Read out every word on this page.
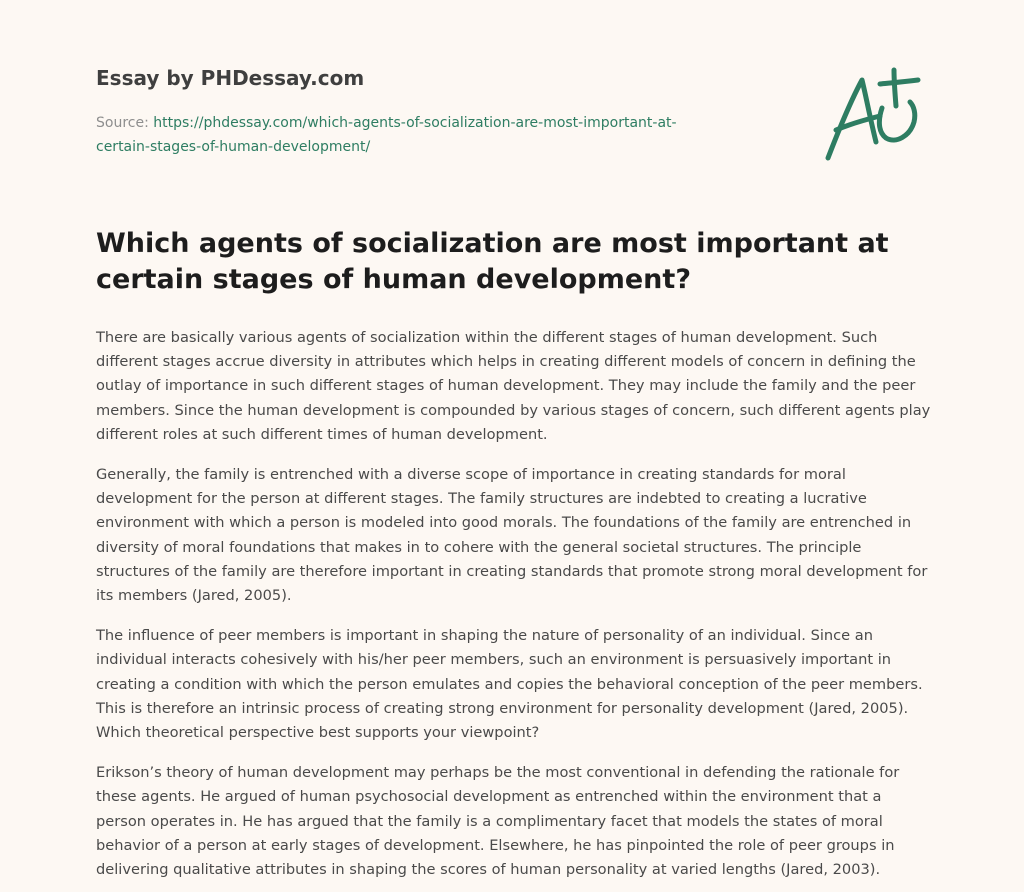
Essay by PHDessay.com
Source: https://phdessay.com/which-agents-of-socialization-are-most-important-at-
certain-stages-of-human-development/
Which agents of socialization are most important at certain stages of human development?

There are basically various agents of socialization within the different stages of human development. Such different stages accrue diversity in attributes which helps in creating different models of concern in defining the outlay of importance in such different stages of human development. They may include the family and the peer members. Since the human development is compounded by various stages of concern, such different agents play different roles at such different times of human development.

Generally, the family is entrenched with a diverse scope of importance in creating standards for moral development for the person at different stages. The family structures are indebted to creating a lucrative environment with which a person is modeled into good morals. The foundations of the family are entrenched in diversity of moral foundations that makes in to cohere with the general societal structures. The principle structures of the family are therefore important in creating standards that promote strong moral development for its members (Jared, 2005).

The influence of peer members is important in shaping the nature of personality of an individual. Since an individual interacts cohesively with his/her peer members, such an environment is persuasively important in creating a condition with which the person emulates and copies the behavioral conception of the peer members. This is therefore an intrinsic process of creating strong environment for personality development (Jared, 2005). Which theoretical perspective best supports your viewpoint?

Erikson’s theory of human development may perhaps be the most conventional in defending the rationale for these agents. He argued of human psychosocial development as entrenched within the environment that a person operates in. He has argued that the family is a complimentary facet that models the states of moral behavior of a person at early stages of development. Elsewhere, he has pinpointed the role of peer groups in delivering qualitative attributes in shaping the scores of human personality at varied lengths (Jared, 2003).
